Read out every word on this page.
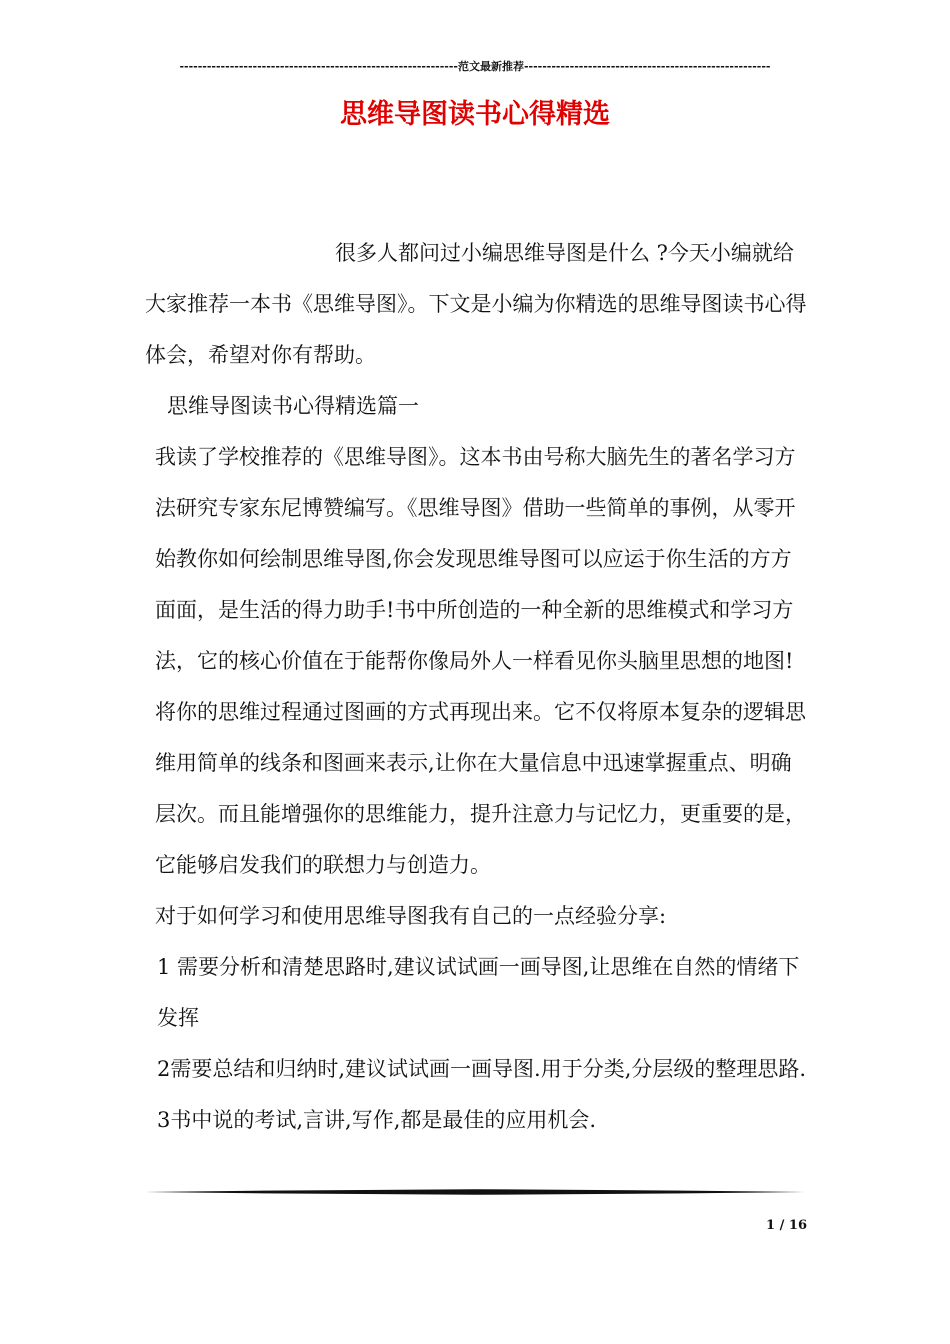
-------------------------------------------------------------范文最新推荐------------------------------------------------------
思维导图读书心得精选

很多人都问过小编思维导图是什么 ?今天小编就给大家推荐一本书《思维导图》。下文是小编为你精选的思维导图读书心得体会，希望对你有帮助。

思维导图读书心得精选篇一

我读了学校推荐的《思维导图》。这本书由号称大脑先生的著名学习方法研究专家东尼博赞编写。《思维导图》借助一些简单的事例，从零开始教你如何绘制思维导图,你会发现思维导图可以应运于你生活的方方面面，是生活的得力助手!书中所创造的一种全新的思维模式和学习方法，它的核心价值在于能帮你像局外人一样看见你头脑里思想的地图!将你的思维过程通过图画的方式再现出来。它不仅将原本复杂的逻辑思维用简单的线条和图画来表示,让你在大量信息中迅速掌握重点、明确层次。而且能增强你的思维能力，提升注意力与记忆力，更重要的是，它能够启发我们的联想力与创造力。

对于如何学习和使用思维导图我有自己的一点经验分享:

1 需要分析和清楚思路时,建议试试画一画导图,让思维在自然的情绪下发挥

2需要总结和归纳时,建议试试画一画导图.用于分类,分层级的整理思路.

3书中说的考试,言讲,写作,都是最佳的应用机会.

1 / 16
